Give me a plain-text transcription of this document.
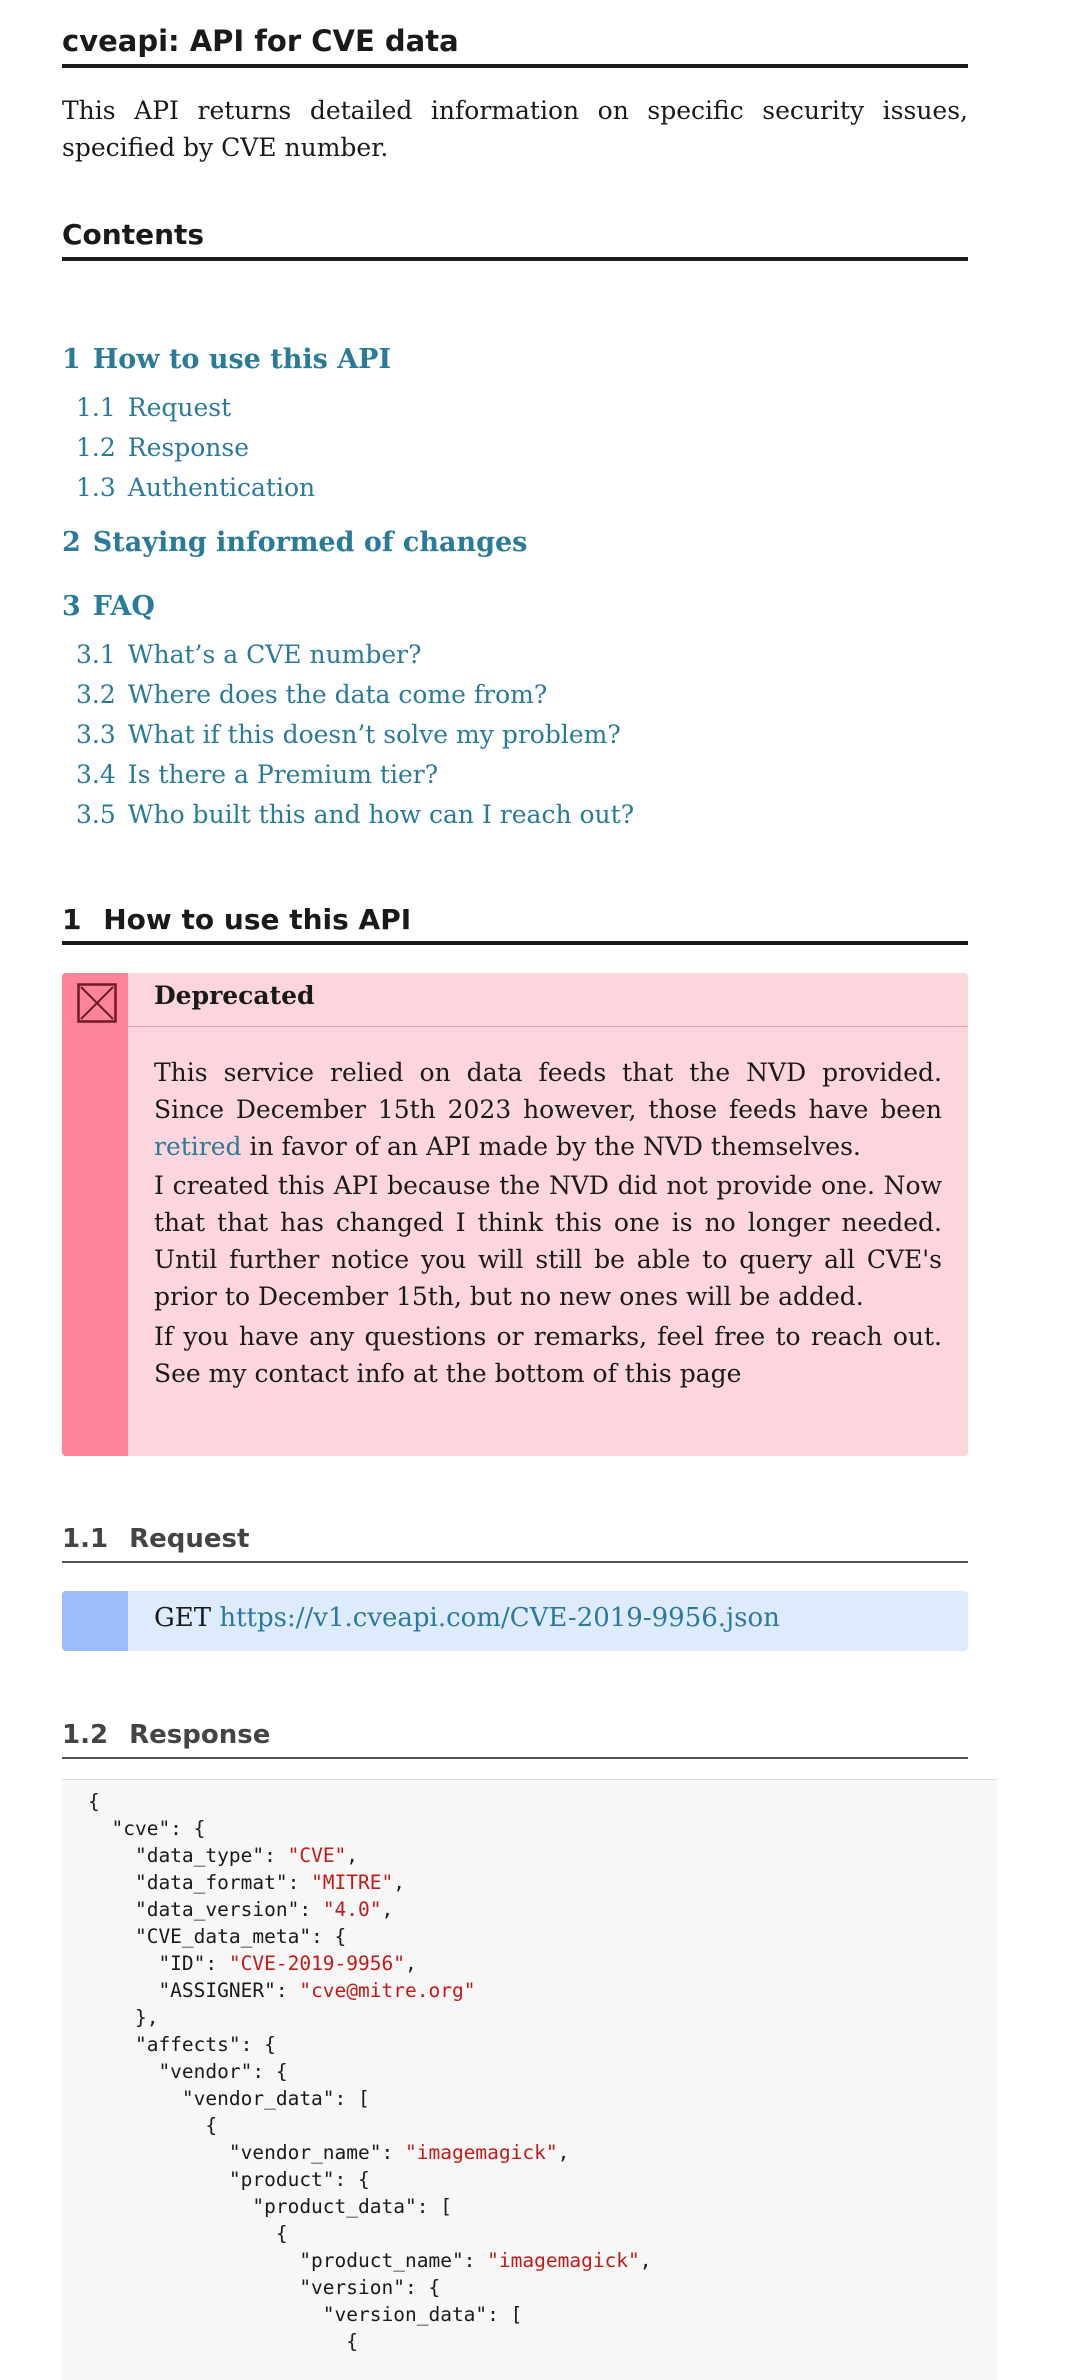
cveapi: API for CVE data

This API returns detailed information on specific security issues, specified by CVE number.

Contents
1 How to use this API
1.1 Request
1.2 Response
1.3 Authentication
2 Staying informed of changes
3 FAQ
3.1 What’s a CVE number?
3.2 Where does the data come from?
3.3 What if this doesn’t solve my problem?
3.4 Is there a Premium tier?
3.5 Who built this and how can I reach out?
1 How to use this API
Deprecated

This service relied on data feeds that the NVD provided. Since December 15th 2023 however, those feeds have been retired in favor of an API made by the NVD themselves.

I created this API because the NVD did not provide one. Now that that has changed I think this one is no longer needed. Until further notice you will still be able to query all CVE's prior to December 15th, but no new ones will be added.

If you have any questions or remarks, feel free to reach out. See my contact info at the bottom of this page

1.1 Request
GET https://v1.cveapi.com/CVE-2019-9956.json
1.2 Response
{
"cve": {
"data_type": "CVE",
"data_format": "MITRE",
"data_version": "4.0",
"CVE_data_meta": {
"ID": "CVE-2019-9956",
"ASSIGNER": "cve@mitre.org"
},
"affects": {
"vendor": {
"vendor_data": [
{
"vendor_name": "imagemagick",
"product": {
"product_data": [
{
"product_name": "imagemagick",
"version": {
"version_data": [
{
